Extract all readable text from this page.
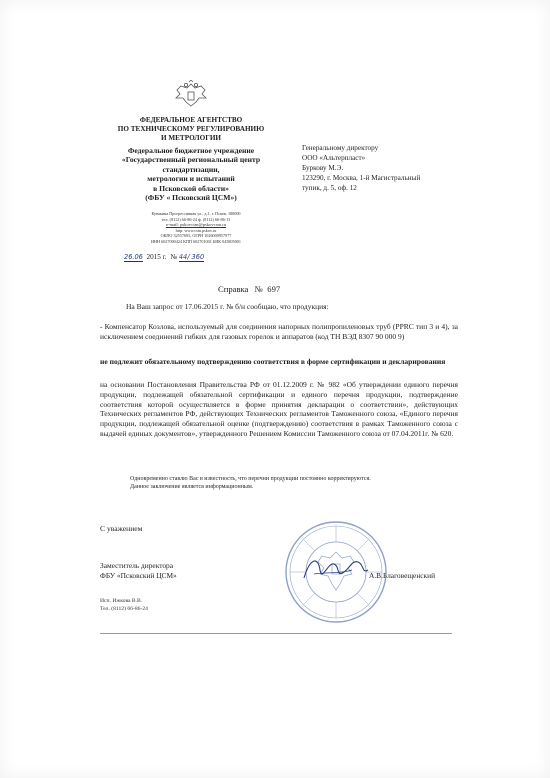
ФЕДЕРАЛЬНОЕ АГЕНТСТВО
ПО ТЕХНИЧЕСКОМУ РЕГУЛИРОВАНИЮ
И МЕТРОЛОГИИ
Федеральное бюджетное учреждение
«Государственный региональный центр
стандартизации,
метрологии и испытаний
в Псковской области»
(ФБУ « Псковский ЦСМ»)
Кувакина Прогрессивная ул., д.1, г. Псков, 180000
тел. (8112) 66-86-24 ф. (8112) 66-86-13
e-mail: pskovcsm@pskovcsm.ru
http: www.csm.pskov.ru
ОКПО 32557695, ОГРН 1026000957977
ИНН 6027000424 КПП 602701001 БИК 045805001
26.06 2015 г. № 44/ 360
Генеральному директору
ООО «Альтерпласт»
Буркову М.Э.
123290, г. Москва, 1-й Магистральный
тупик, д. 5, оф. 12
Справка   №  697
На Ваш запрос от 17.06.2015 г. № б/н сообщаю, что продукция:
- Компенсатор Козлова, используемый для соединения напорных полипропиленовых труб (PPRC тип 3 и 4), за исключением соединений гибких для газовых горелок и аппаратов (код ТН ВЭД 8307 90 000 9)
не подлежит обязательному подтверждению соответствия в форме сертификации и декларирования
на основании Постановления Правительства РФ от 01.12.2009 г. № 982 «Об утверждении единого перечня продукции, подлежащей обязательной сертификации и единого перечня продукции, подтверждение соответствия которой осуществляется в форме принятия декларации о соответствии», действующих Технических регламентов РФ, действующих Технических регламентов Таможенного союза, «Единого перечня продукции, подлежащей обязательной оценке (подтверждению) соответствия в рамках Таможенного союза с выдачей единых документов», утвержденного Решением Комиссии Таможенного союза от 07.04.2011г. № 620.
Одновременно ставлю Вас в известность, что перечни продукции постоянно корректируются.
Данное заключение является информационным.
С уважением
Заместитель директора
ФБУ «Псковский ЦСМ»	А.В.Благовещенский
Исп. Ижкова В.В.
Тел. (8112) 66-86-24
